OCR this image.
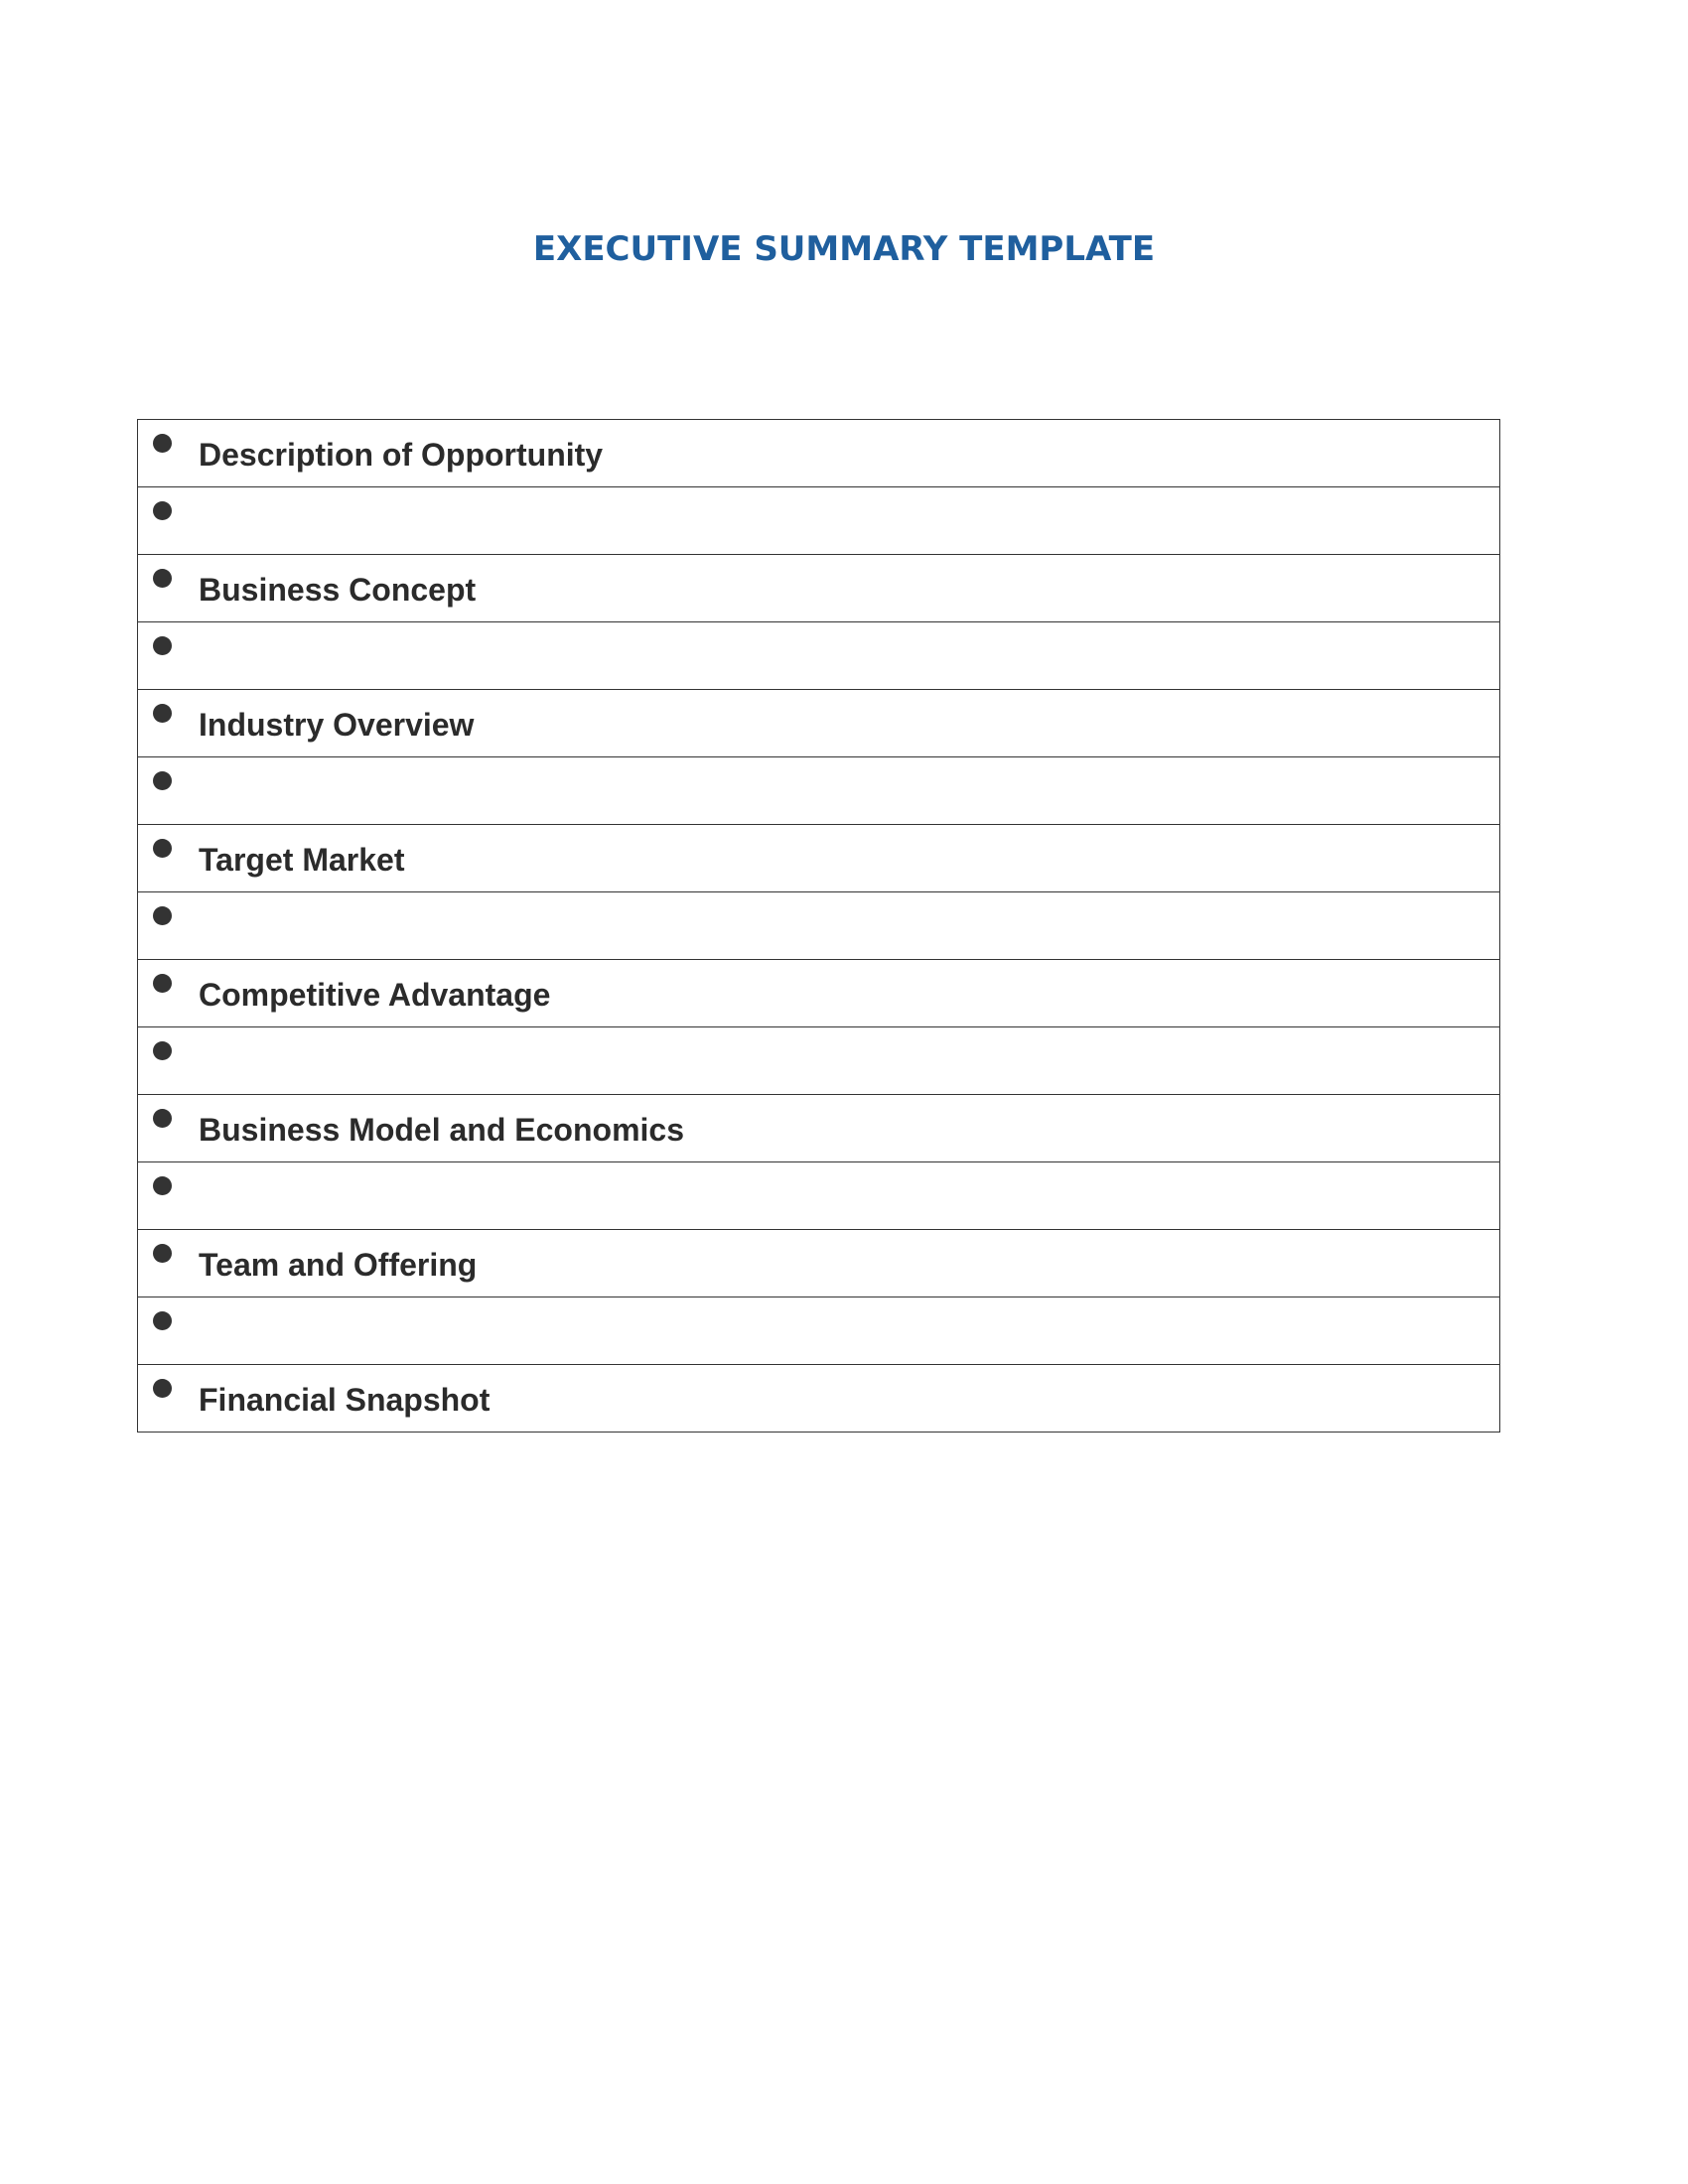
EXECUTIVE SUMMARY TEMPLATE
Description of Opportunity

Business Concept

Industry Overview

Target Market

Competitive Advantage

Business Model and Economics

Team and Offering

Financial Snapshot
